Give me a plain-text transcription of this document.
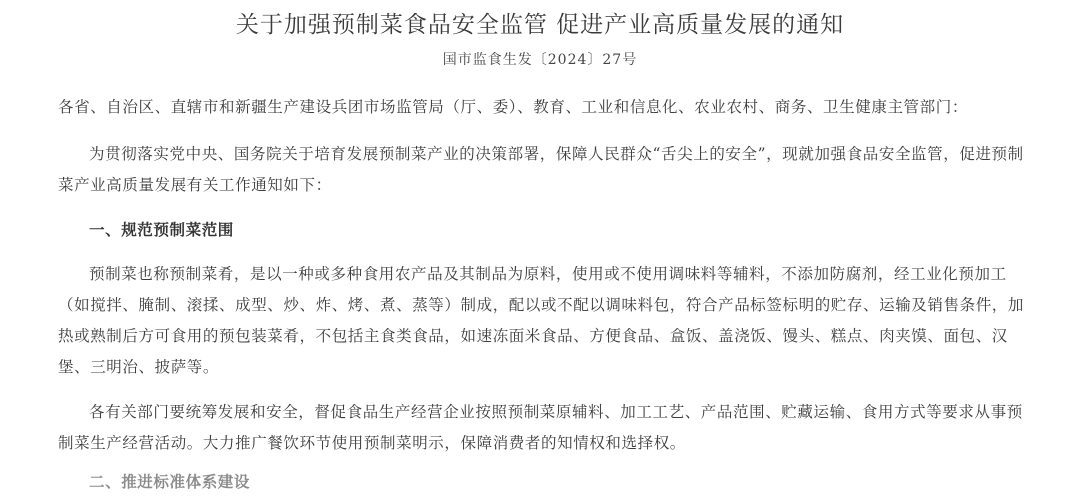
关于加强预制菜食品安全监管 促进产业高质量发展的通知
国市监食生发〔2024〕27号

各省、自治区、直辖市和新疆生产建设兵团市场监管局（厅、委）、教育、工业和信息化、农业农村、商务、卫生健康主管部门：

为贯彻落实党中央、国务院关于培育发展预制菜产业的决策部署，保障人民群众“舌尖上的安全”，现就加强食品安全监管，促进预制菜产业高质量发展有关工作通知如下：

一、规范预制菜范围

预制菜也称预制菜肴，是以一种或多种食用农产品及其制品为原料，使用或不使用调味料等辅料，不添加防腐剂，经工业化预加工（如搅拌、腌制、滚揉、成型、炒、炸、烤、煮、蒸等）制成，配以或不配以调味料包，符合产品标签标明的贮存、运输及销售条件，加热或熟制后方可食用的预包装菜肴，不包括主食类食品，如速冻面米食品、方便食品、盒饭、盖浇饭、馒头、糕点、肉夹馍、面包、汉堡、三明治、披萨等。

各有关部门要统筹发展和安全，督促食品生产经营企业按照预制菜原辅料、加工工艺、产品范围、贮藏运输、食用方式等要求从事预制菜生产经营活动。大力推广餐饮环节使用预制菜明示，保障消费者的知情权和选择权。

二、推进标准体系建设
